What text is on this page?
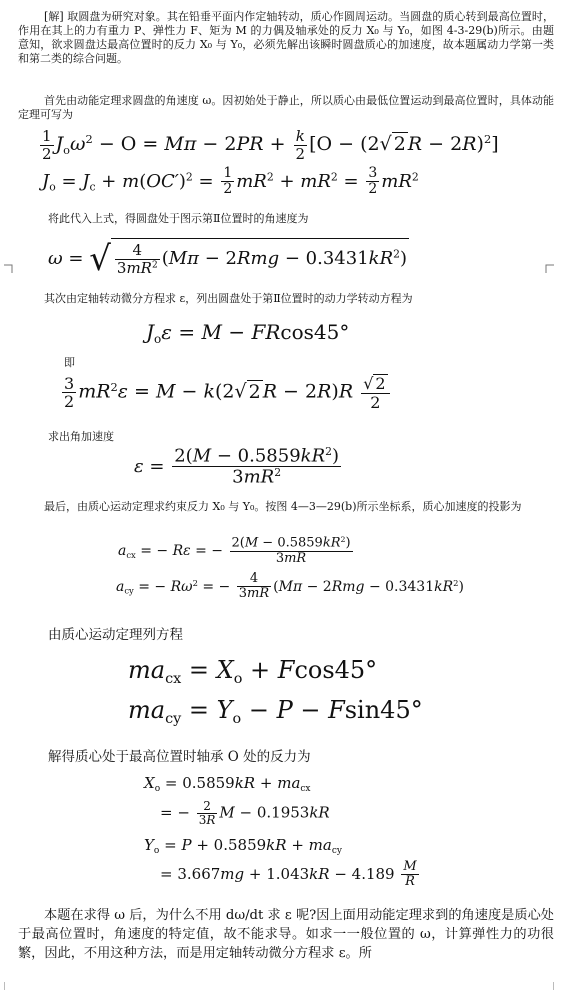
[解] 取圆盘为研究对象。其在铅垂平面内作定轴转动，质心作圆周运动。当圆盘的质心转到最高位置时，作用在其上的力有重力 P、弹性力 F、矩为 M 的力偶及轴承处的反力 X₀ 与 Y₀，如图 4-3-29(b)所示。由题意知，欲求圆盘达最高位置时的反力 X₀ 与 Y₀，必须先解出该瞬时圆盘质心的加速度，故本题属动力学第一类和第二类的综合问题。
首先由动能定理求圆盘的角速度 ω。因初始处于静止，所以质心由最低位置运动到最高位置时，具体动能定理可写为
$\frac{1}{2} J_o\omega^2 - O = M\pi - 2PR + \frac{k}{2} [O - (2√$ 2 R − 2R)$^2$]
$J_o = J_c + m(OC')^2 = \frac{1}{2} mR^2 + mR^2 = \frac{3}{2} mR^2$
将此代入上式，得圆盘处于图示第Ⅱ位置时的角速度为
ω = √ $\frac{4}{3mR^2} (M\pi - 2Rmg - 0.3431kR^2)$
其次由定轴转动微分方程求 ε，列出圆盘处于第Ⅱ位置时的动力学转动方程为
$J_o\varepsilon = M - FRcos45^\circ$
即
$\frac{3}{2} mR^2\varepsilon = M - k(2√$ 2 $R - 2R)R \frac{√ 2}{2}$
求出角加速度
$\varepsilon = \frac{2(M - 0.5859kR^2)}{3mR^2}$
最后，由质心运动定理求约束反力 X₀ 与 Y₀。按图 4—3—29(b)所示坐标系，质心加速度的投影为
$a_{cx}$ = − Rε = − $\frac{2(M - 0.5859kR^2)}{3mR}$
$a_{cy}$ = − $R\omega^2$ = − $\frac{4}{3mR} (M\pi - 2Rmg - 0.3431kR^2)$
由质心运动定理列方程
$ma_{cx} = X_o + Fcos45^\circ$
$ma_{cy} = Y_o - P - Fsin45^\circ$
解得质心处于最高位置时轴承 O 处的反力为
$X_o = 0.5859kR + ma_{cx}$
= − $\frac{2}{3R}$ M − 0.1953kR
$Y_o = P + 0.5859kR + ma_{cy}$
= $3.667mg + 1.043kR - 4.189 \frac{M}{R}$
本题在求得 ω 后，为什么不用 dω/dt 求 ε 呢?因上面用动能定理求到的角速度是质心处于最高位置时，角速度的特定值，故不能求导。如求一一般位置的 ω，计算弹性力的功很繁，因此，不用这种方法，而是用定轴转动微分方程求 ε。所
